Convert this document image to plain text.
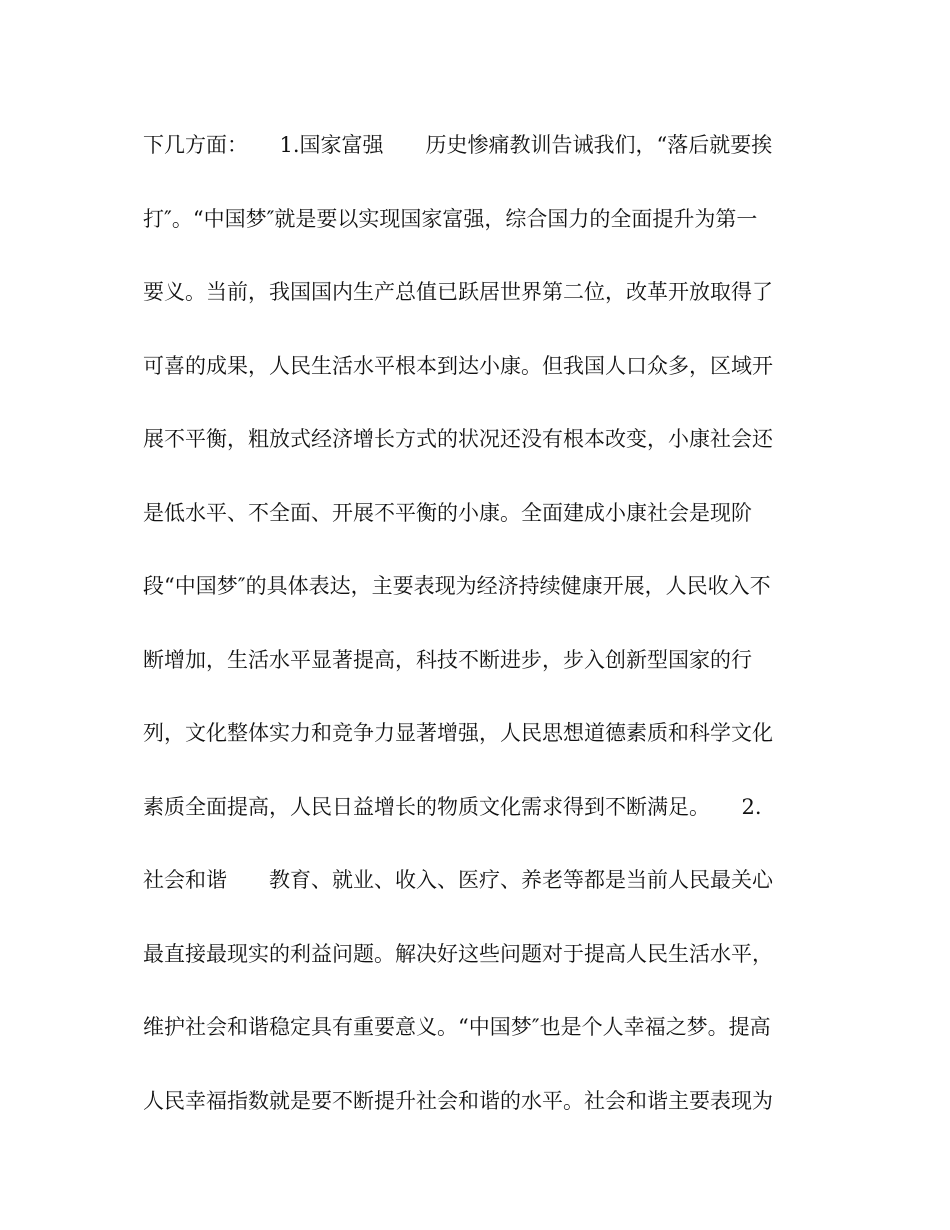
下几方面：　　1.国家富强　　历史惨痛教训告诫我们，“落后就要挨
打″。“中国梦″就是要以实现国家富强，综合国力的全面提升为第一
要义。当前，我国国内生产总值已跃居世界第二位，改革开放取得了
可喜的成果，人民生活水平根本到达小康。但我国人口众多，区域开
展不平衡，粗放式经济增长方式的状况还没有根本改变，小康社会还
是低水平、不全面、开展不平衡的小康。全面建成小康社会是现阶
段“中国梦″的具体表达，主要表现为经济持续健康开展，人民收入不
断增加，生活水平显著提高，科技不断进步，步入创新型国家的行
列，文化整体实力和竞争力显著增强，人民思想道德素质和科学文化
素质全面提高，人民日益增长的物质文化需求得到不断满足。　　2.
社会和谐　　教育、就业、收入、医疗、养老等都是当前人民最关心
最直接最现实的利益问题。解决好这些问题对于提高人民生活水平，
维护社会和谐稳定具有重要意义。“中国梦″也是个人幸福之梦。提高
人民幸福指数就是要不断提升社会和谐的水平。社会和谐主要表现为
